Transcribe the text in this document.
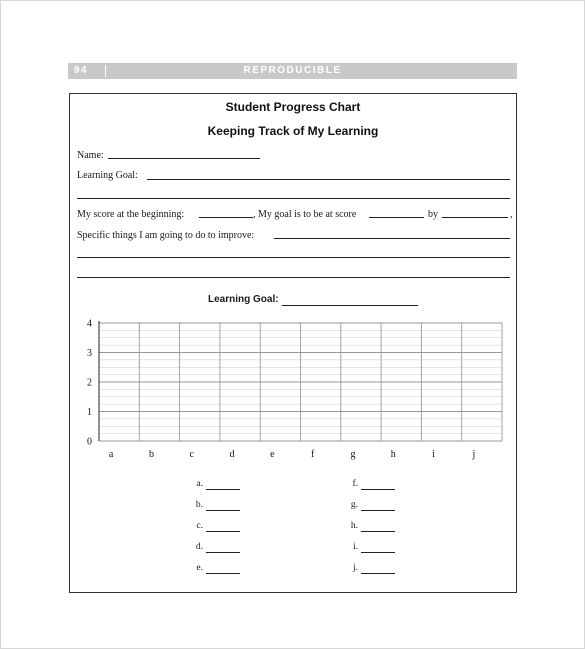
94	REPRODUCIBLE
Student Progress Chart
Keeping Track of My Learning
Name:
Learning Goal:
My score at the beginning:	, My goal is to be at score	by	,
Specific things I am going to do to improve:
Learning Goal:
0
1
2
3
4
a	b	c	d	e	f	g	h	i	j
a.
b.
c.
d.
e.
f.
g.
h.
i.
j.
